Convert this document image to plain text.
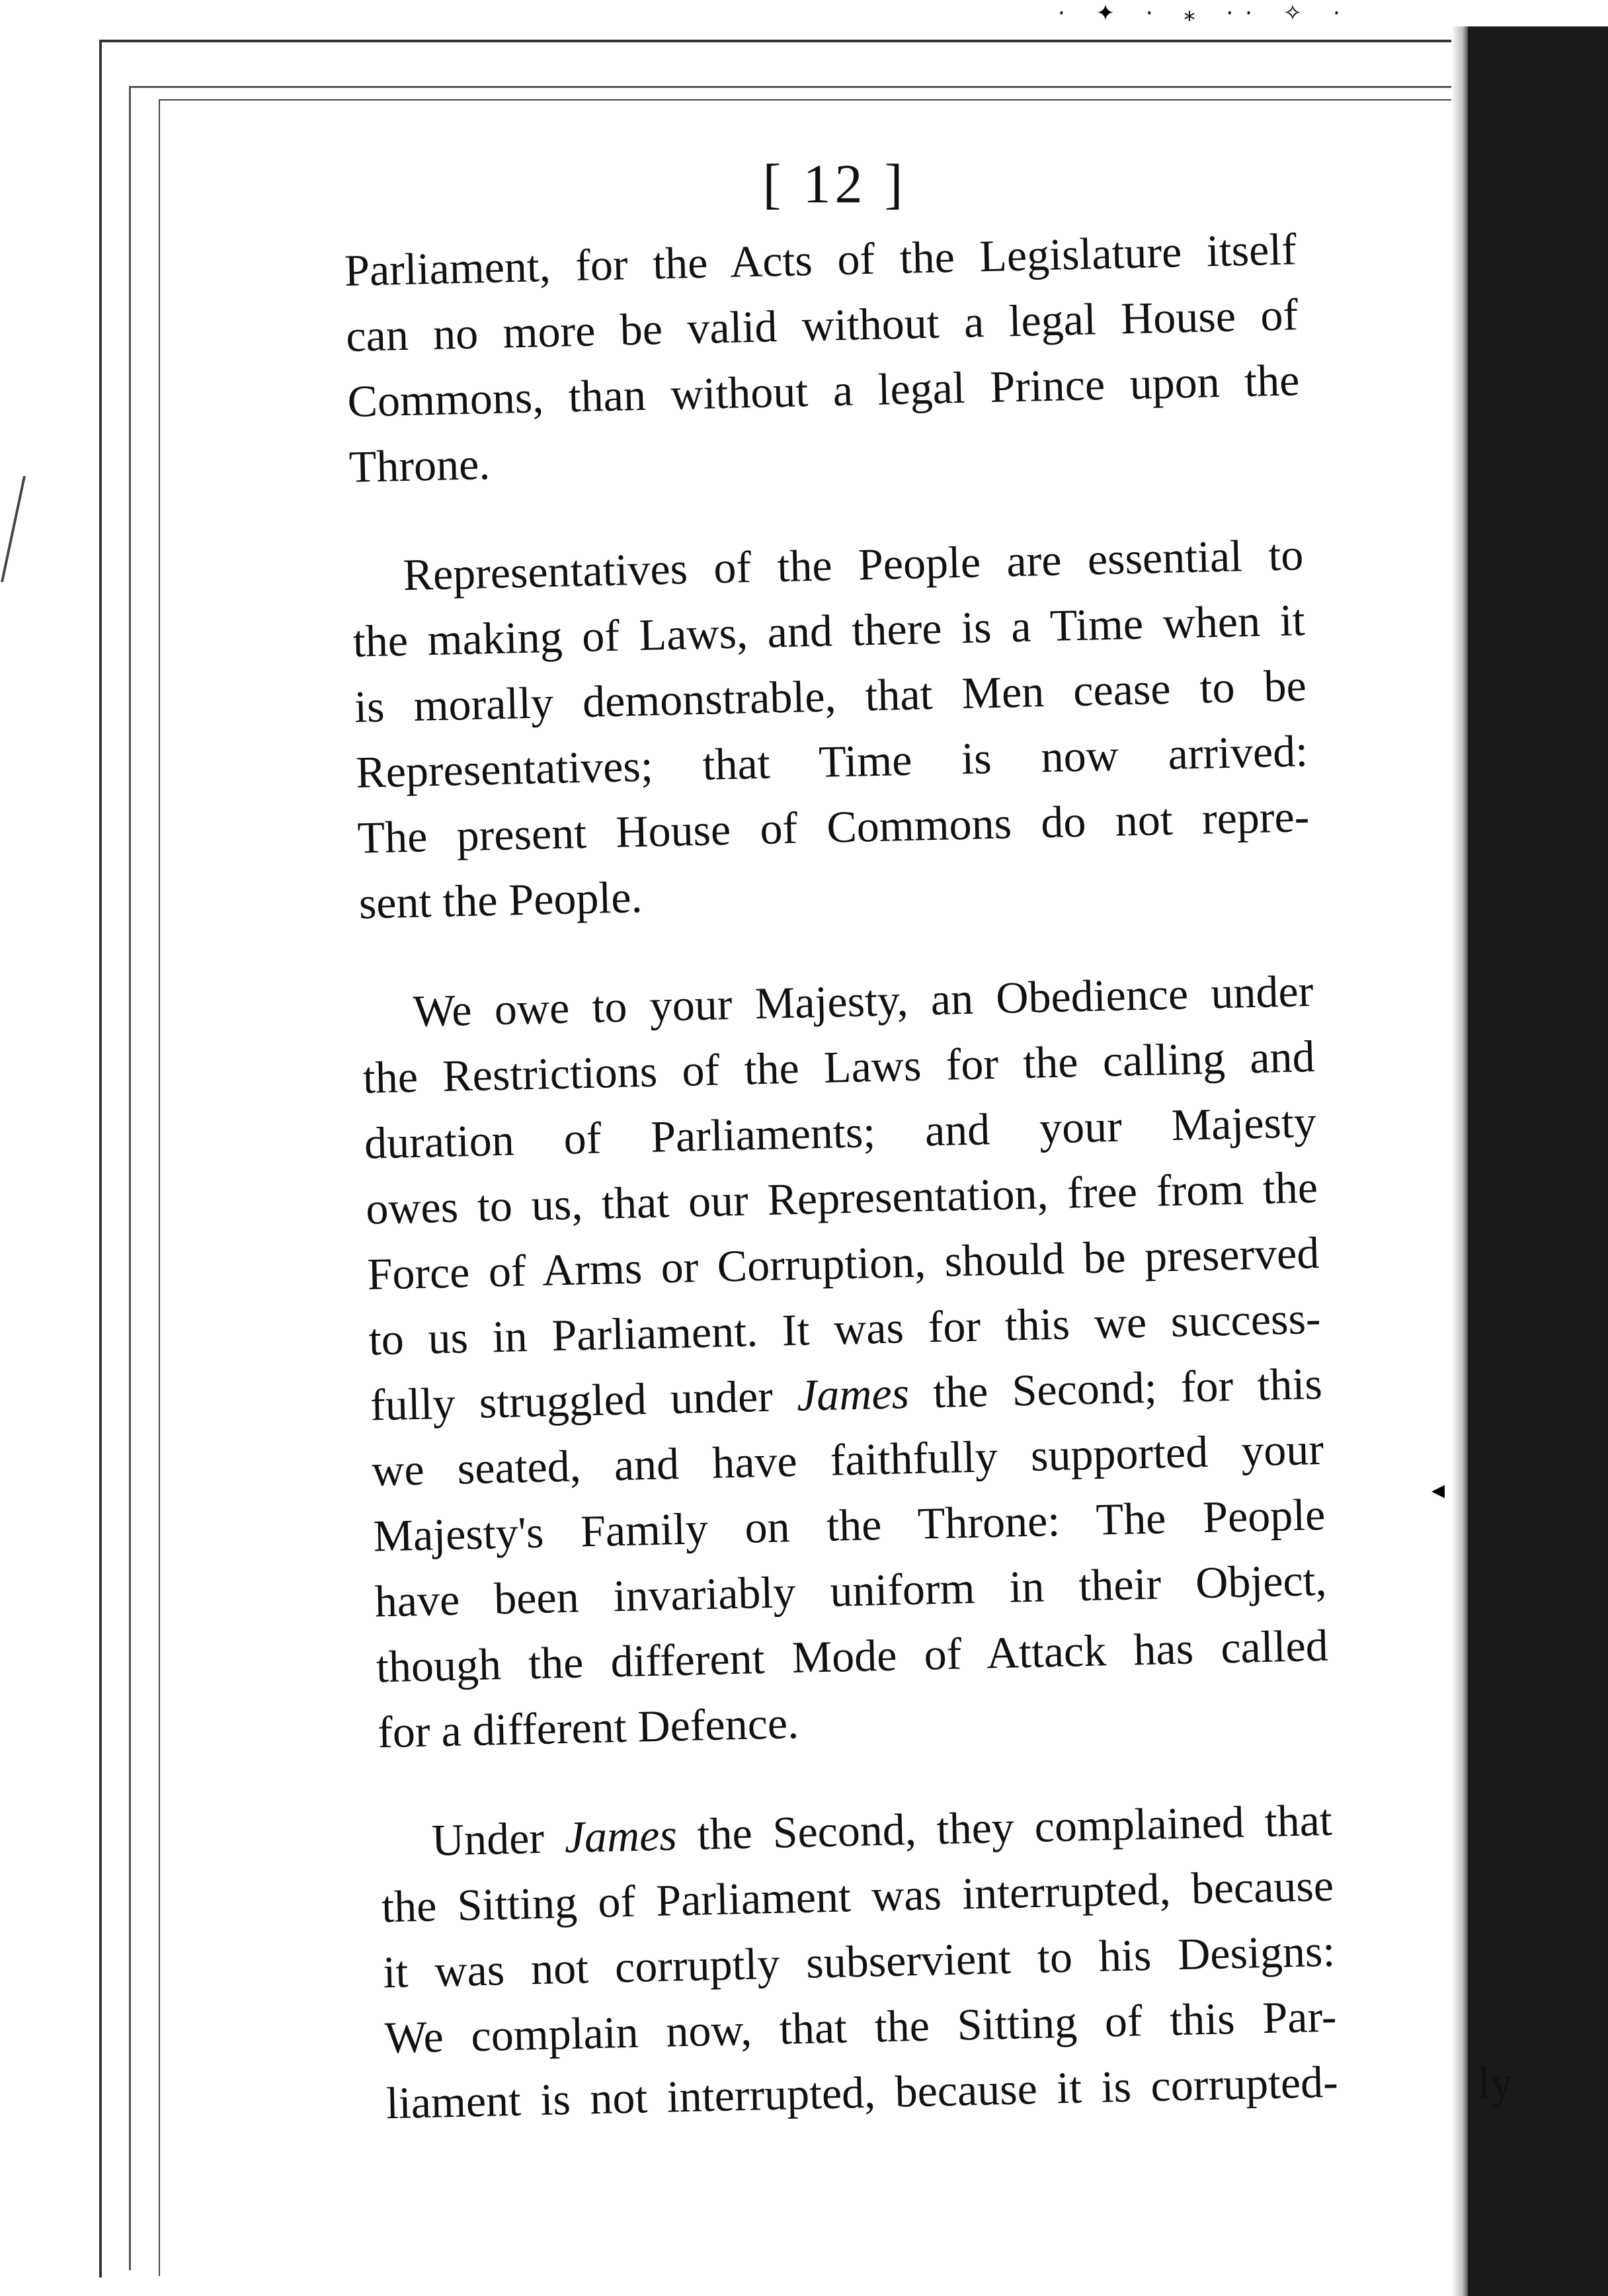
· ✦ · ⁎ ·· ✧ ·
◂
[ 12 ]

Parliament, for the Acts of the Legislature itself
can no more be valid without a legal House of
Commons, than without a legal Prince upon the
Throne.

Representatives of the People are essential to
the making of Laws, and there is a Time when it
is morally demonstrable, that Men cease to be
Representatives; that Time is now arrived:
The present House of Commons do not repre-
sent the People.

We owe to your Majesty, an Obedience under
the Restrictions of the Laws for the calling and
duration of Parliaments; and your Majesty
owes to us, that our Representation, free from the
Force of Arms or Corruption, should be preserved
to us in Parliament. It was for this we success-
fully struggled under James the Second; for this
we seated, and have faithfully supported your
Majesty's Family on the Throne: The People
have been invariably uniform in their Object,
though the different Mode of Attack has called
for a different Defence.

Under James the Second, they complained that
the Sitting of Parliament was interrupted, because
it was not corruptly subservient to his Designs:
We complain now, that the Sitting of this Par-
liament is not interrupted, because it is corrupted-	ly
